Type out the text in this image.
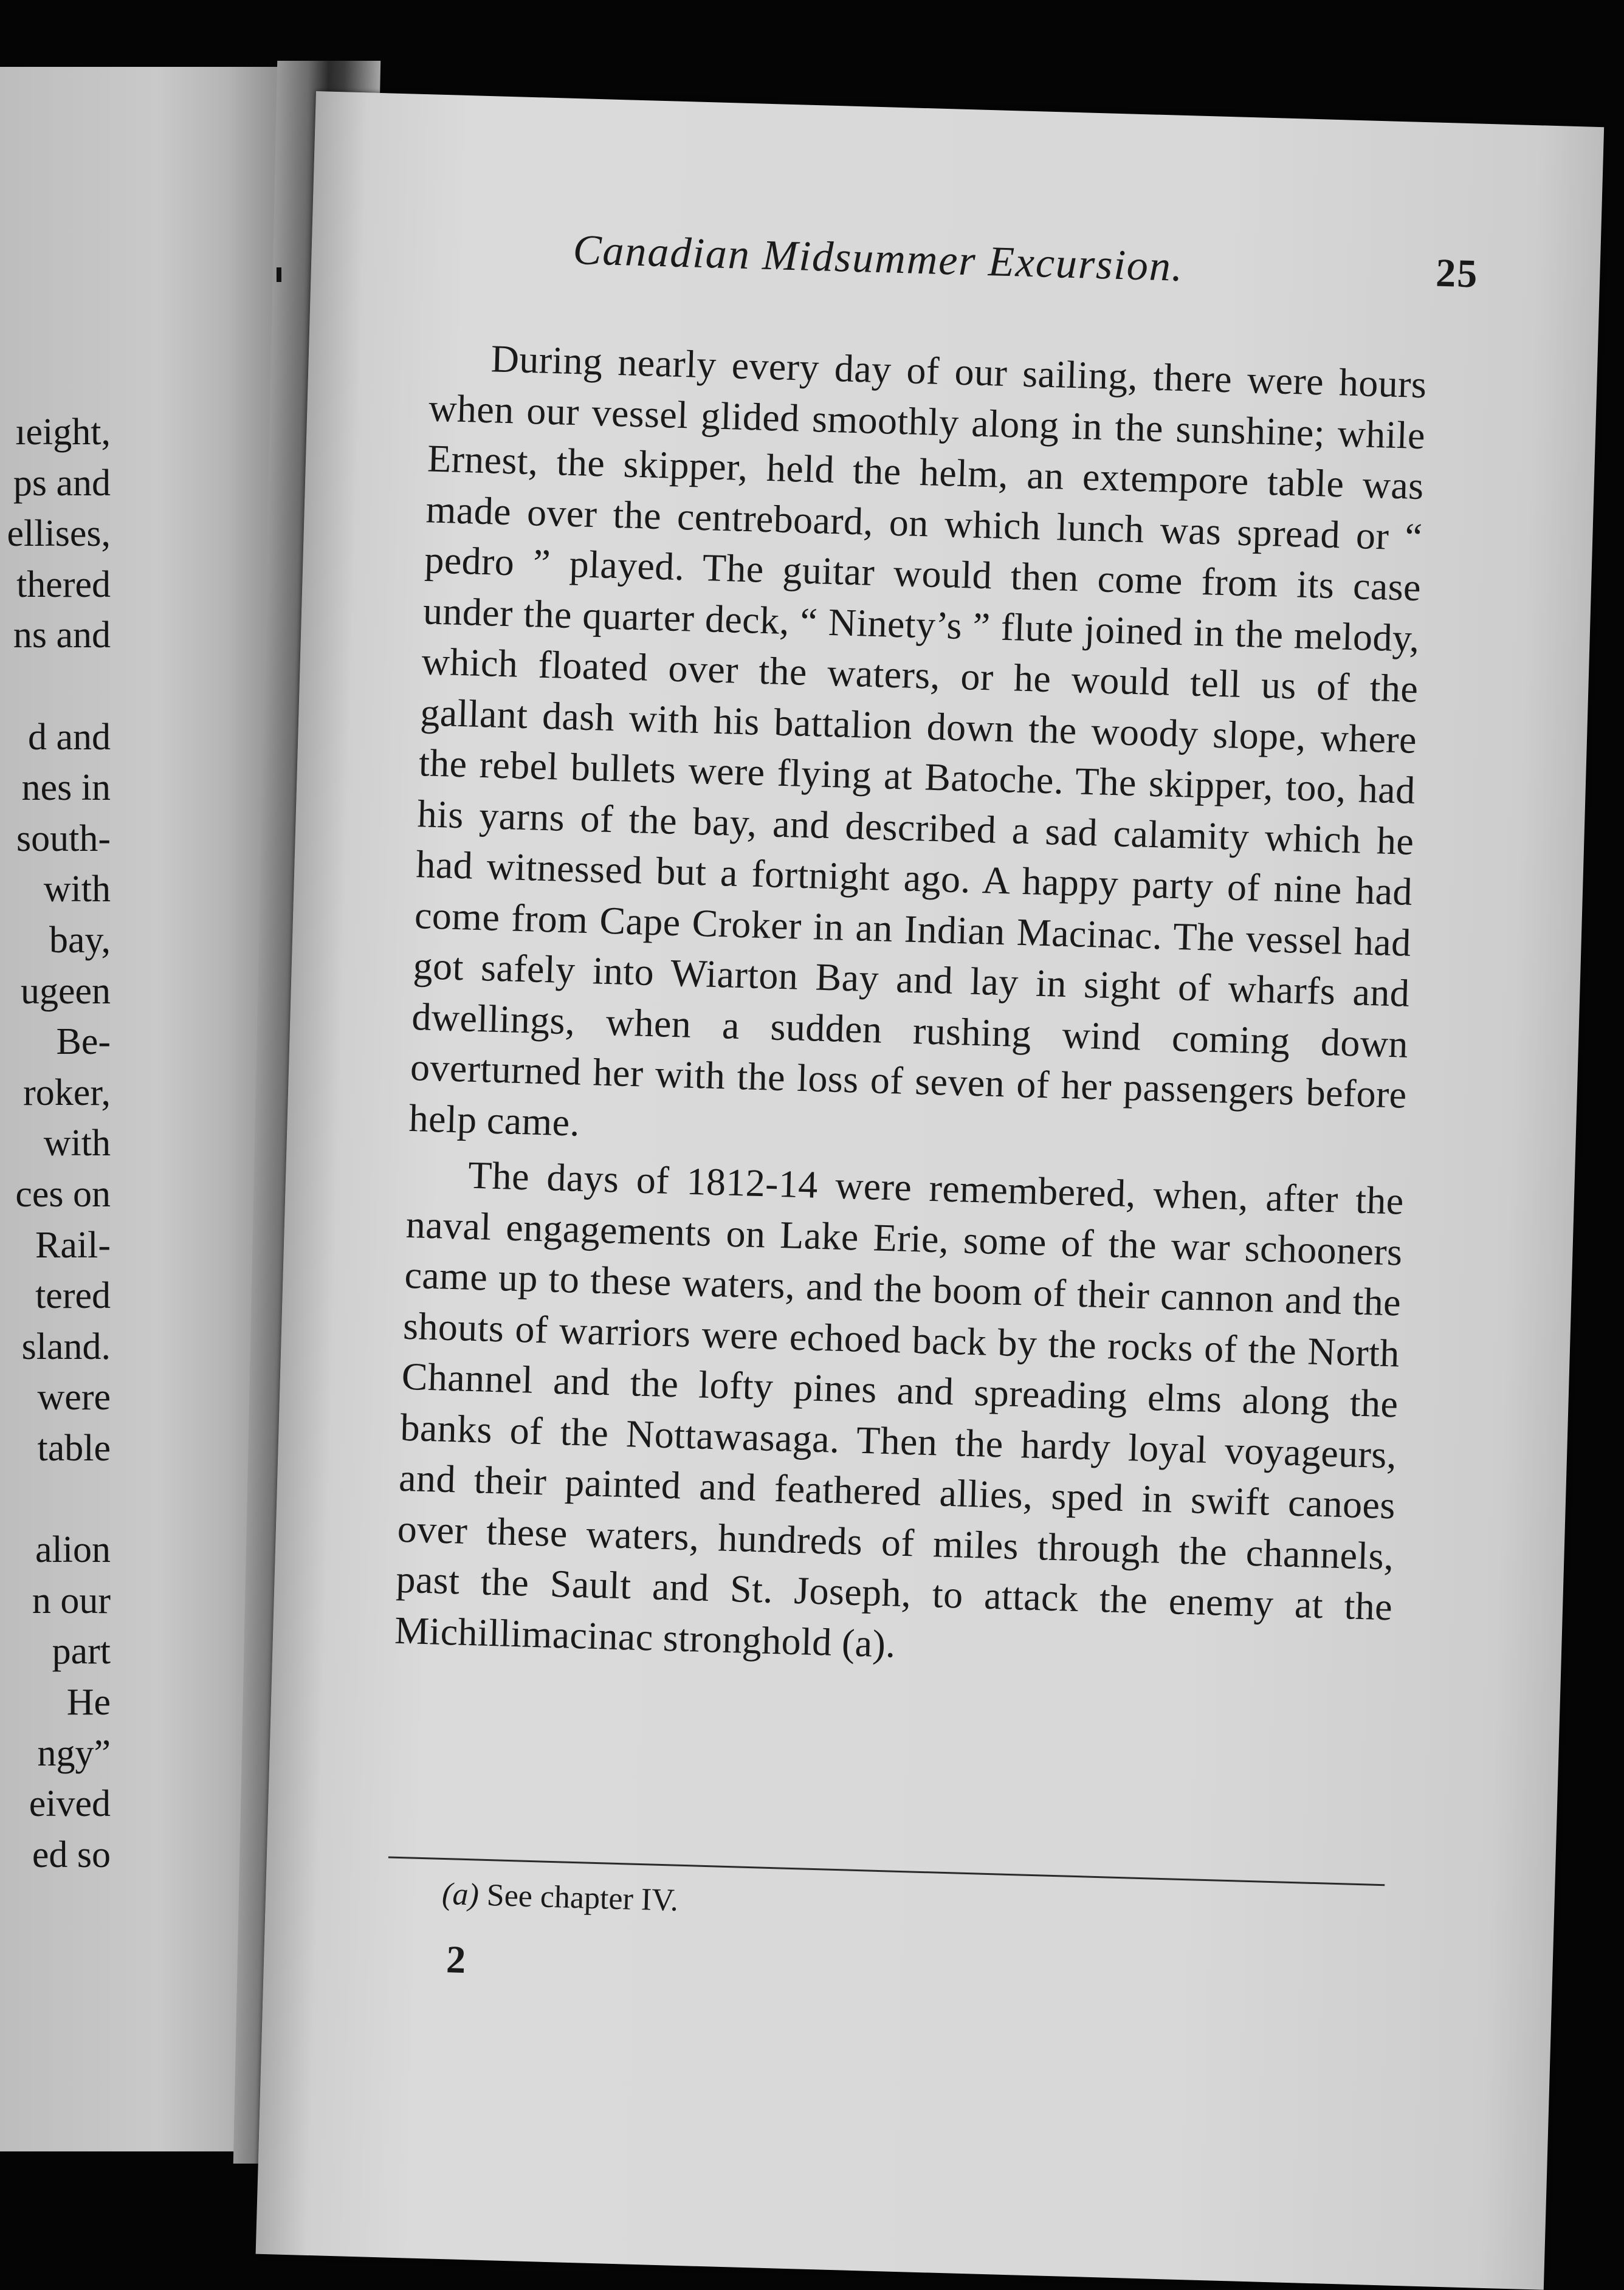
ıeight,
ps and
ellises,
thered
ns and
d and
nes in
south-
with
bay,
ugeen
Be-
roker,
with
ces on
Rail-
tered
sland.
were
table
alion
n our
part
He
ngy”
eived
ed so
Canadian Midsummer Excursion.	25

During nearly every day of our sailing, there were hours when our vessel glided smoothly along in the sunshine; while Ernest, the skipper, held the helm, an extempore table was made over the centreboard, on which lunch was spread or “ pedro ” played. The guitar would then come from its case under the quarter deck, “ Ninety’s ” flute joined in the melody, which floated over the waters, or he would tell us of the gallant dash with his battalion down the woody slope, where the rebel bullets were flying at Batoche. The skipper, too, had his yarns of the bay, and described a sad calamity which he had witnessed but a fortnight ago. A happy party of nine had come from Cape Croker in an Indian Macinac. The vessel had got safely into Wiarton Bay and lay in sight of wharfs and dwellings, when a sudden rushing wind coming down overturned her with the loss of seven of her passengers before help came.

The days of 1812-14 were remembered, when, after the naval engagements on Lake Erie, some of the war schooners came up to these waters, and the boom of their cannon and the shouts of warriors were echoed back by the rocks of the North Channel and the lofty pines and spreading elms along the banks of the Nottawasaga. Then the hardy loyal voyageurs, and their painted and feathered allies, sped in swift canoes over these waters, hundreds of miles through the channels, past the Sault and St. Joseph, to attack the enemy at the Michillimacinac stronghold (a).

(a) See chapter IV.
2
